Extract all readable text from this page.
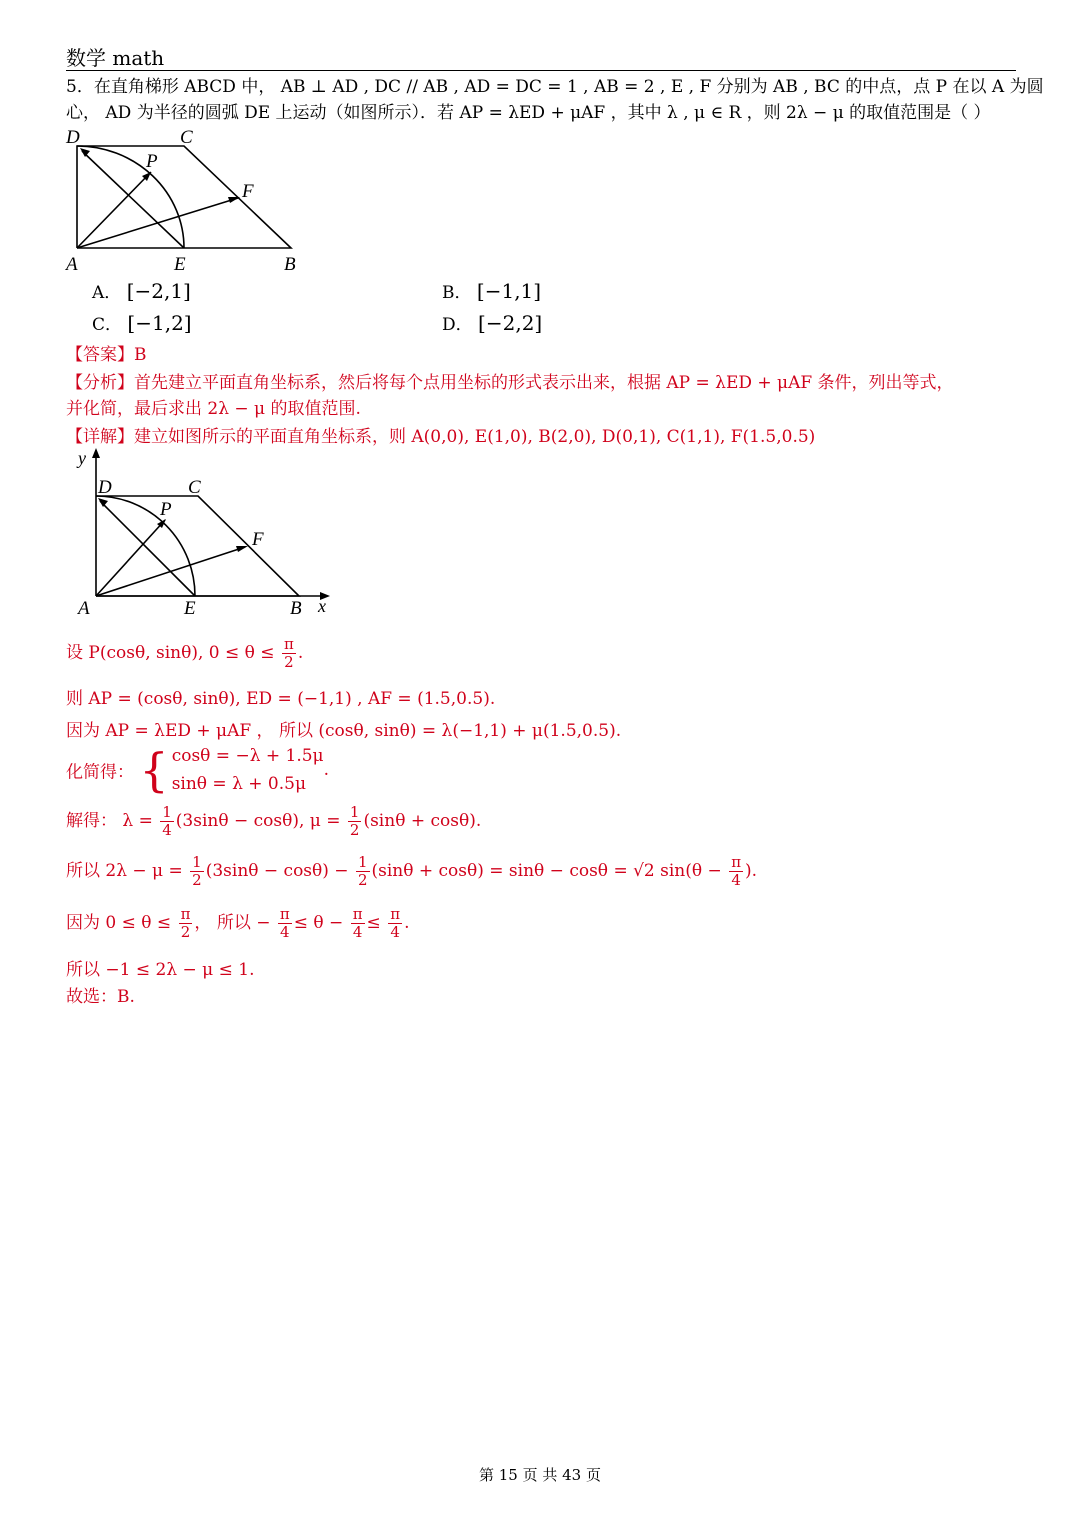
数学 math
5．在直角梯形 ABCD 中， AB ⊥ AD , DC // AB , AD = DC = 1 , AB = 2 , E , F 分别为 AB , BC 的中点，点 P 在以 A 为圆
心， AD 为半径的圆弧 DE 上运动（如图所示）．若 AP = λED + μAF ，其中 λ , μ ∈ R ，则 2λ − μ 的取值范围是（ ）
D	C
P
F
A	E	B
A． [−2,1]	B． [−1,1]
C． [−1,2]	D． [−2,2]
【答案】B
【分析】首先建立平面直角坐标系，然后将每个点用坐标的形式表示出来，根据 AP = λED + μAF 条件，列出等式，
并化简，最后求出 2λ − μ 的取值范围.
【详解】建立如图所示的平面直角坐标系，则 A(0,0), E(1,0), B(2,0), D(0,1), C(1,1), F(1.5,0.5)
y
x
D	C
P
F
A	E	B
设 P(cosθ, sinθ), $0 \le \theta \le \frac{\pi}{2}$ .
则 AP = (cosθ, sinθ), ED = (−1,1) , AF = (1.5,0.5).
因为 AP = λED + μAF ， 所以 (cosθ, sinθ) = λ(−1,1) + μ(1.5,0.5).
化简得： { cosθ = −λ + 1.5μ
sinθ = λ + 0.5μ
.
解得： $\lambda = \frac{1}{4} (3\sin\theta - \cos\theta)$, $\mu = \frac{1}{2} (\sin\theta + \cos\theta)$.
所以 $2\lambda - \mu = \frac{1}{2} (3\sin\theta - \cos\theta) - \frac{1}{2} (\sin\theta + \cos\theta) = \sin\theta - \cos\theta = √2$ $\sin(\theta - \frac{\pi}{4}$ ).
因为 $0 \le \theta \le \frac{\pi}{2}$ ， 所以 − $\frac{\pi}{4} \le \theta - \frac{\pi}{4} \le \frac{\pi}{4}$ .
所以 −1 ≤ 2λ − μ ≤ 1.
故选：B.
第 15 页 共 43 页
